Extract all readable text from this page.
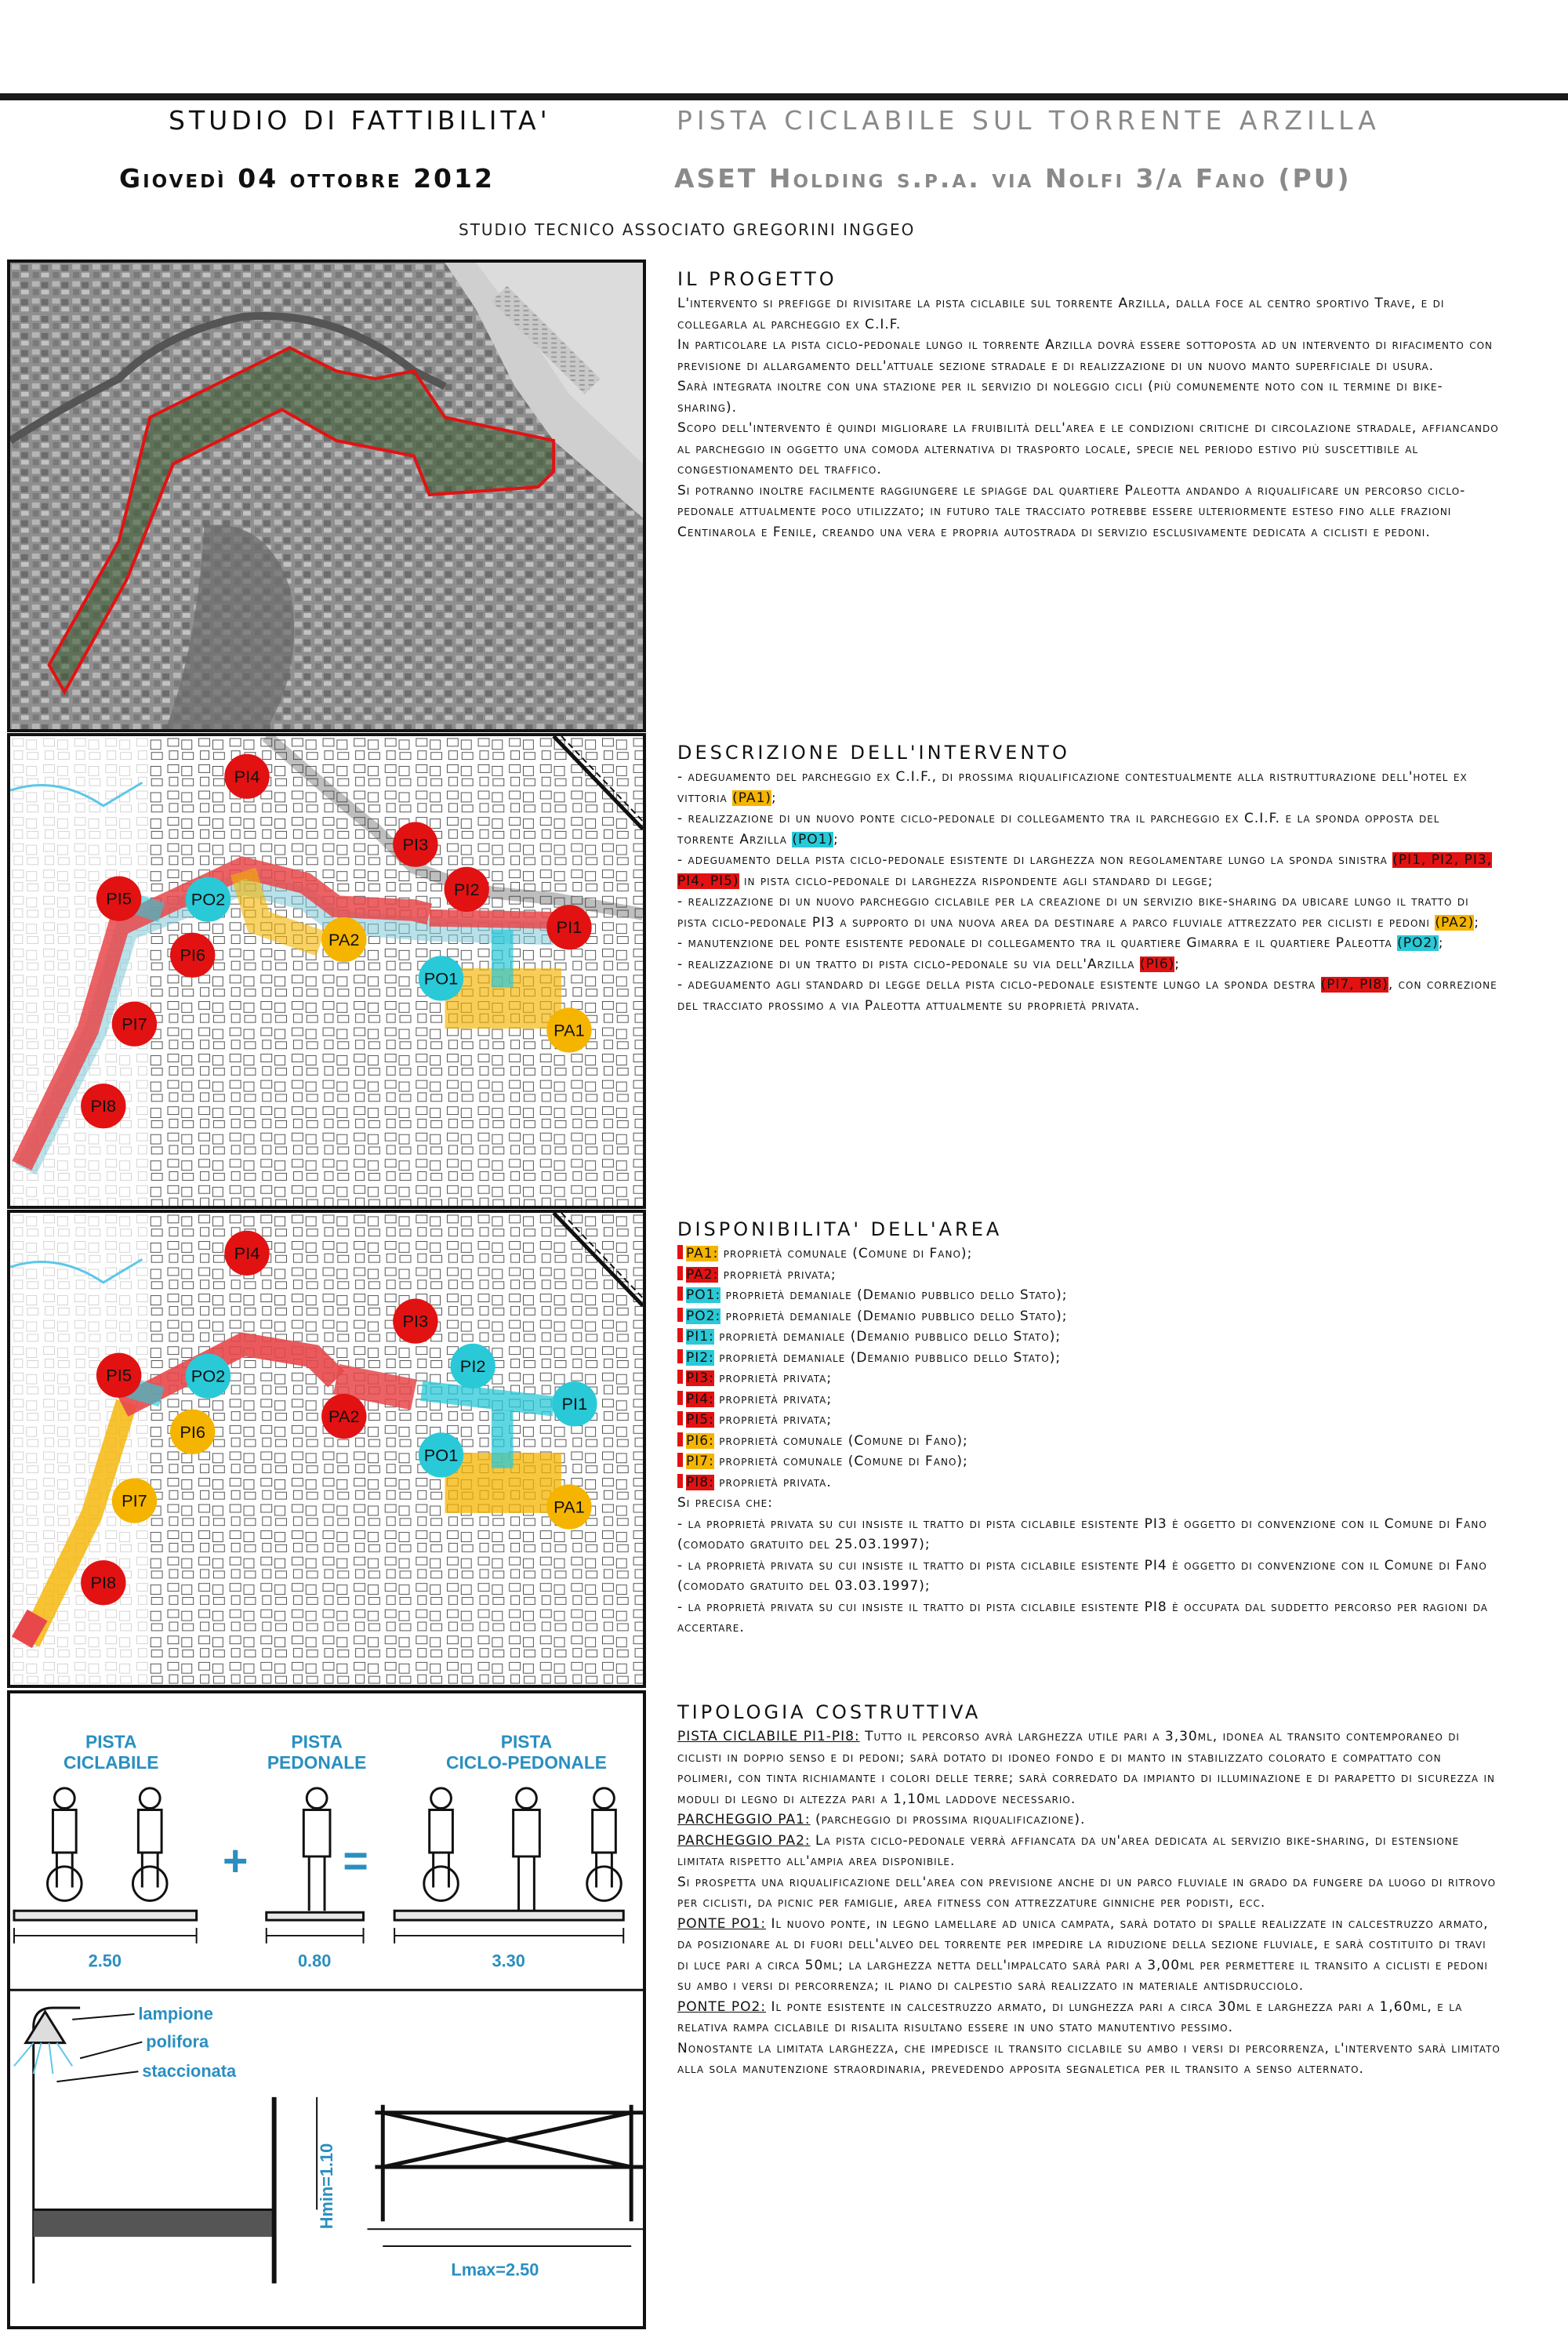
STUDIO DI FATTIBILITA'	PISTA CICLABILE SUL TORRENTE ARZILLA
Giovedì 04 ottobre 2012	ASET Holding s.p.a. via Nolfi 3/a Fano (PU)
STUDIO TECNICO ASSOCIATO GREGORINI INGGEO
IL PROGETTO
L'intervento si prefigge di rivisitare la pista ciclabile sul torrente Arzilla, dalla foce al centro sportivo Trave, e di collegarla al parcheggio ex C.I.F.
In particolare la pista ciclo-pedonale lungo il torrente Arzilla dovrà essere sottoposta ad un intervento di rifacimento con previsione di allargamento dell'attuale sezione stradale e di realizzazione di un nuovo manto superficiale di usura.
Sarà integrata inoltre con una stazione per il servizio di noleggio cicli (più comunemente noto con il termine di bike-sharing).
Scopo dell'intervento è quindi migliorare la fruibilità dell'area e le condizioni critiche di circolazione stradale, affiancando al parcheggio in oggetto una comoda alternativa di trasporto locale, specie nel periodo estivo più suscettibile al congestionamento del traffico.
Si potranno inoltre facilmente raggiungere le spiagge dal quartiere Paleotta andando a riqualificare un percorso ciclo-pedonale attualmente poco utilizzato; in futuro tale tracciato potrebbe essere ulteriormente esteso fino alle frazioni Centinarola e Fenile, creando una vera e propria autostrada di servizio esclusivamente dedicata a ciclisti e pedoni.
PI4
PI3
PI2
PI1
PI5	PO2
PA2
PO1
PI6
PA1
PI7
PI8
DESCRIZIONE DELL'INTERVENTO
- adeguamento del parcheggio ex C.I.F., di prossima riqualificazione contestualmente alla ristrutturazione dell'hotel ex vittoria (PA1);
- realizzazione di un nuovo ponte ciclo-pedonale di collegamento tra il parcheggio ex C.I.F. e la sponda opposta del torrente Arzilla (PO1);
- adeguamento della pista ciclo-pedonale esistente di larghezza non regolamentare lungo la sponda sinistra (PI1, PI2, PI3, PI4, PI5) in pista ciclo-pedonale di larghezza rispondente agli standard di legge;
- realizzazione di un nuovo parcheggio ciclabile per la creazione di un servizio bike-sharing da ubicare lungo il tratto di pista ciclo-pedonale PI3 a supporto di una nuova area da destinare a parco fluviale attrezzato per ciclisti e pedoni (PA2);
- manutenzione del ponte esistente pedonale di collegamento tra il quartiere Gimarra e il quartiere Paleotta (PO2);
- realizzazione di un tratto di pista ciclo-pedonale su via dell'Arzilla (PI6);
- adeguamento agli standard di legge della pista ciclo-pedonale esistente lungo la sponda destra (PI7, PI8), con correzione del tracciato prossimo a via Paleotta attualmente su proprietà privata.
PI4
PI3
PI2
PI1
PI5	PO2
PA2
PO1
PI6
PA1
PI7
PI8
DISPONIBILITA' DELL'AREA
PA1: proprietà comunale (Comune di Fano);
PA2: proprietà privata;
PO1: proprietà demaniale (Demanio pubblico dello Stato);
PO2: proprietà demaniale (Demanio pubblico dello Stato);
PI1: proprietà demaniale (Demanio pubblico dello Stato);
PI2: proprietà demaniale (Demanio pubblico dello Stato);
PI3: proprietà privata;
PI4: proprietà privata;
PI5: proprietà privata;
PI6: proprietà comunale (Comune di Fano);
PI7: proprietà comunale (Comune di Fano);
PI8: proprietà privata.
Si precisa che:
- la proprietà privata su cui insiste il tratto di pista ciclabile esistente PI3 è oggetto di convenzione con il Comune di Fano (comodato gratuito del 25.03.1997);
- la proprietà privata su cui insiste il tratto di pista ciclabile esistente PI4 è oggetto di convenzione con il Comune di Fano (comodato gratuito del 03.03.1997);
- la proprietà privata su cui insiste il tratto di pista ciclabile esistente PI8 è occupata dal suddetto percorso per ragioni da accertare.
PISTA
CICLABILE
PISTA
PEDONALE
PISTA
CICLO-PEDONALE
+ =
2.50	0.80	3.30
lampione
polifora
staccionata
Hmin=1.10
Lmax=2.50
TIPOLOGIA COSTRUTTIVA
PISTA CICLABILE PI1-PI8: Tutto il percorso avrà larghezza utile pari a 3,30ml, idonea al transito contemporaneo di ciclisti in doppio senso e di pedoni; sarà dotato di idoneo fondo e di manto in stabilizzato colorato e compattato con polimeri, con tinta richiamante i colori delle terre; sarà corredato da impianto di illuminazione e di parapetto di sicurezza in moduli di legno di altezza pari a 1,10ml laddove necessario.
PARCHEGGIO PA1: (parcheggio di prossima riqualificazione).
PARCHEGGIO PA2: La pista ciclo-pedonale verrà affiancata da un'area dedicata al servizio bike-sharing, di estensione limitata rispetto all'ampia area disponibile.
Si prospetta una riqualificazione dell'area con previsione anche di un parco fluviale in grado da fungere da luogo di ritrovo per ciclisti, da picnic per famiglie, area fitness con attrezzature ginniche per podisti, ecc.
PONTE PO1: Il nuovo ponte, in legno lamellare ad unica campata, sarà dotato di spalle realizzate in calcestruzzo armato, da posizionare al di fuori dell'alveo del torrente per impedire la riduzione della sezione fluviale, e sarà costituito di travi di luce pari a circa 50ml; la larghezza netta dell'impalcato sarà pari a 3,00ml per permettere il transito a ciclisti e pedoni su ambo i versi di percorrenza; il piano di calpestio sarà realizzato in materiale antisdrucciolo.
PONTE PO2: Il ponte esistente in calcestruzzo armato, di lunghezza pari a circa 30ml e larghezza pari a 1,60ml, e la relativa rampa ciclabile di risalita risultano essere in uno stato manutentivo pessimo.
Nonostante la limitata larghezza, che impedisce il transito ciclabile su ambo i versi di percorrenza, l'intervento sarà limitato alla sola manutenzione straordinaria, prevedendo apposita segnaletica per il transito a senso alternato.
